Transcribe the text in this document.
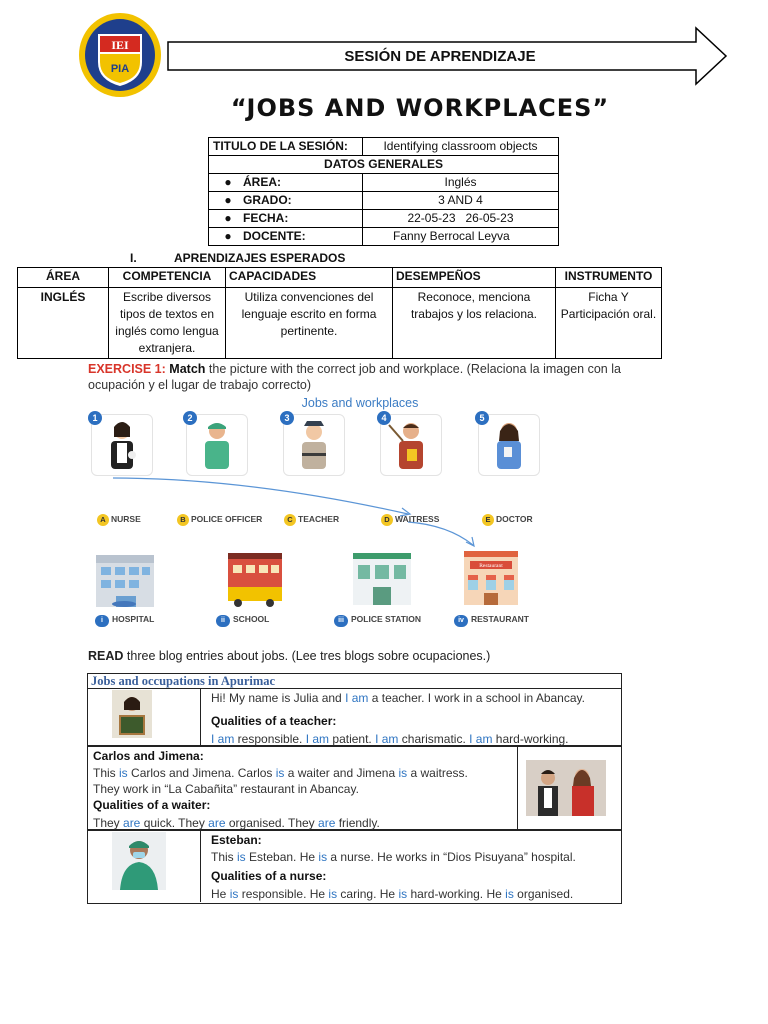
IEI
PIA
SESIÓN DE APRENDIZAJE
“JOBS AND WORKPLACES”
TITULO DE LA SESIÓN:	Identifying classroom objects
DATOS GENERALES	
● ÁREA:	Inglés
● GRADO:	3 AND 4
● FECHA:	22-05-23   26-05-23
● DOCENTE:	Fanny Berrocal Leyva
I.	APRENDIZAJES ESPERADOS
ÁREA	COMPETENCIA	CAPACIDADES	DESEMPEÑOS	INSTRUMENTO
INGLÉS	Escribe diversos tipos de textos en inglés como lengua extranjera.	Utiliza convenciones del lenguaje escrito en forma pertinente.	Reconoce, menciona trabajos y los relaciona.	Ficha Y Participación oral.
EXERCISE 1: Match the picture with the correct job and workplace. (Relaciona la imagen con la ocupación y el lugar de trabajo correcto)
Jobs and workplaces
1	2	3	4	5
A NURSE	B POLICE OFFICER	C TEACHER	D WAITRESS	E DOCTOR
Restaurant
i HOSPITAL	ii SCHOOL	iii POLICE STATION	iv RESTAURANT
READ three blog entries about jobs. (Lee tres blogs sobre ocupaciones.)
Jobs and occupations in Apurimac
Hi! My name is Julia and I am a teacher. I work in a school in Abancay.
Qualities of a teacher:
I am responsible. I am patient. I am charismatic. I am hard-working.
Carlos and Jimena:
This is Carlos and Jimena. Carlos is a waiter and Jimena is a waitress.
They work in “La Cabañita” restaurant in Abancay.
Qualities of a waiter:
They are quick. They are organised. They are friendly.
Esteban:
This is Esteban. He is a nurse. He works in “Dios Pisuyana” hospital.
Qualities of a nurse:
He is responsible. He is caring. He is hard-working. He is organised.
